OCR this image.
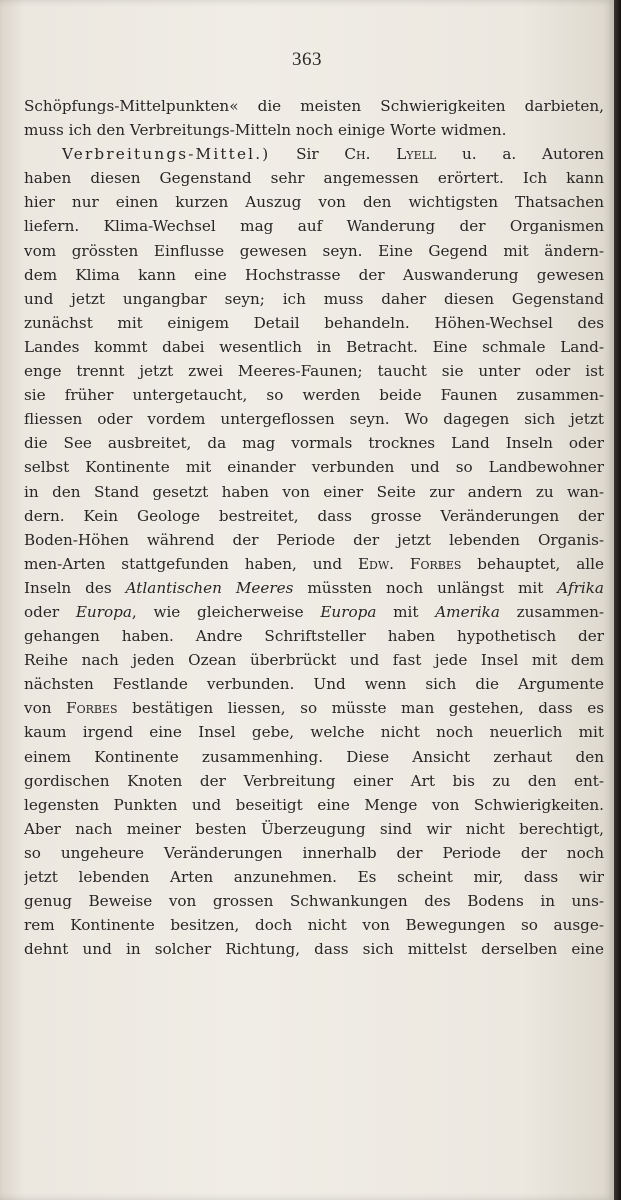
363
Schöpfungs-Mittelpunkten« die meisten Schwierigkeiten darbieten,
muss ich den Verbreitungs-Mitteln noch einige Worte widmen.
Verbreitungs-Mittel.) Sir Ch. Lyell u. a. Autoren
haben diesen Gegenstand sehr angemessen erörtert. Ich kann
hier nur einen kurzen Auszug von den wichtigsten Thatsachen
liefern. Klima-Wechsel mag auf Wanderung der Organismen
vom grössten Einflusse gewesen seyn. Eine Gegend mit ändern-
dem Klima kann eine Hochstrasse der Auswanderung gewesen
und jetzt ungangbar seyn; ich muss daher diesen Gegenstand
zunächst mit einigem Detail behandeln. Höhen-Wechsel des
Landes kommt dabei wesentlich in Betracht. Eine schmale Land-
enge trennt jetzt zwei Meeres-Faunen; taucht sie unter oder ist
sie früher untergetaucht, so werden beide Faunen zusammen-
fliessen oder vordem untergeflossen seyn. Wo dagegen sich jetzt
die See ausbreitet, da mag vormals trocknes Land Inseln oder
selbst Kontinente mit einander verbunden und so Landbewohner
in den Stand gesetzt haben von einer Seite zur andern zu wan-
dern. Kein Geologe bestreitet, dass grosse Veränderungen der
Boden-Höhen während der Periode der jetzt lebenden Organis-
men-Arten stattgefunden haben, und Edw. Forbes behauptet, alle
Inseln des Atlantischen Meeres müssten noch unlängst mit Afrika
oder Europa, wie gleicherweise Europa mit Amerika zusammen-
gehangen haben. Andre Schriftsteller haben hypothetisch der
Reihe nach jeden Ozean überbrückt und fast jede Insel mit dem
nächsten Festlande verbunden. Und wenn sich die Argumente
von Forbes bestätigen liessen, so müsste man gestehen, dass es
kaum irgend eine Insel gebe, welche nicht noch neuerlich mit
einem Kontinente zusammenhing. Diese Ansicht zerhaut den
gordischen Knoten der Verbreitung einer Art bis zu den ent-
legensten Punkten und beseitigt eine Menge von Schwierigkeiten.
Aber nach meiner besten Überzeugung sind wir nicht berechtigt,
so ungeheure Veränderungen innerhalb der Periode der noch
jetzt lebenden Arten anzunehmen. Es scheint mir, dass wir
genug Beweise von grossen Schwankungen des Bodens in uns-
rem Kontinente besitzen, doch nicht von Bewegungen so ausge-
dehnt und in solcher Richtung, dass sich mittelst derselben eine
